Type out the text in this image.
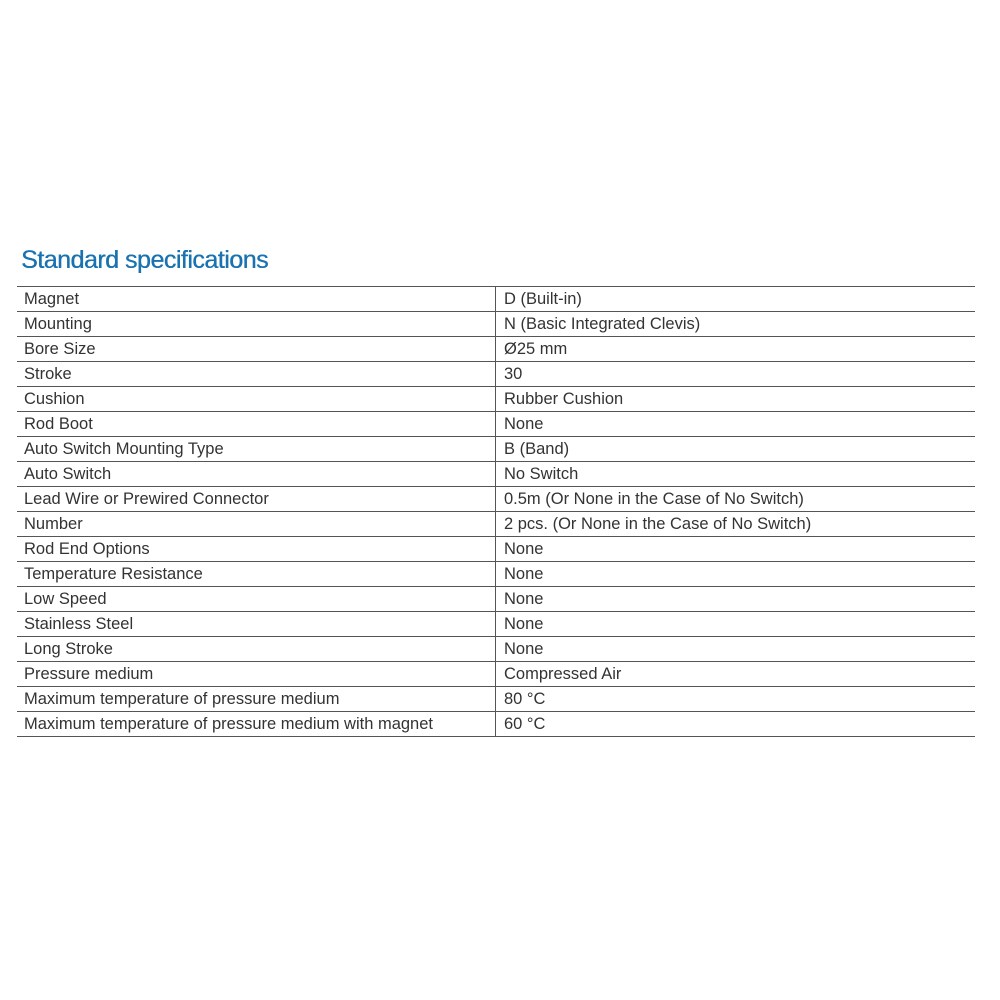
Standard specifications
Magnet	D (Built-in)
Mounting	N (Basic Integrated Clevis)
Bore Size	Ø25 mm
Stroke	30
Cushion	Rubber Cushion
Rod Boot	None
Auto Switch Mounting Type	B (Band)
Auto Switch	No Switch
Lead Wire or Prewired Connector	0.5m (Or None in the Case of No Switch)
Number	2 pcs. (Or None in the Case of No Switch)
Rod End Options	None
Temperature Resistance	None
Low Speed	None
Stainless Steel	None
Long Stroke	None
Pressure medium	Compressed Air
Maximum temperature of pressure medium	80 °C
Maximum temperature of pressure medium with magnet	60 °C
